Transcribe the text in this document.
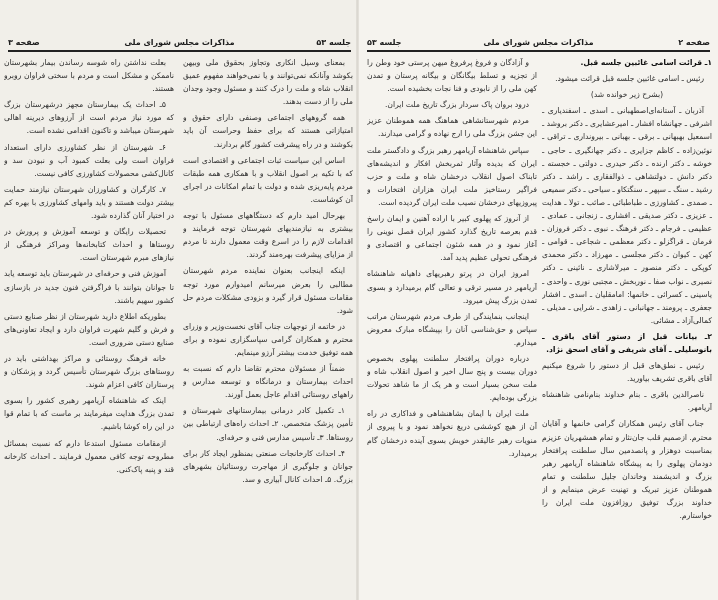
صفحه ۳	مذاکرات مجلس شورای ملی	جلسه ۵۳

بمعنای وسیل انکاری وتجاوز بحقوق ملی وبیهن بکوشد وآنانکه نمی‌توانند و یا نمی‌خواهند مفهوم عمیق انقلاب شاه و ملت را درک کنند و مسئول وجود وجدان ملی را از دست بدهند.

همه گروههای اجتماعی وصنفی دارای حقوق و امتیازاتی هستند که برای حفظ وحراست آن باید بکوشند و در راه پیشرفت کشور گام بردارند.

اساس این سیاست ثبات اجتماعی و اقتصادی است که با تکیه بر اصول انقلاب و با همکاری همه طبقات مردم پایه‌ریزی شده و دولت با تمام امکانات در اجرای آن کوشاست.

بهرحال امید دارم که دستگاههای مسئول با توجه بیشتری به نیازمندیهای شهرستان توجه فرمایند و اقدامات لازم را در اسرع وقت معمول دارند تا مردم از مزایای پیشرفت بهره‌مند گردند.

اینکه اینجانب بعنوان نماینده مردم شهرستان مطالبی را بعرض میرسانم امیدوارم مورد توجه مقامات مسئول قرار گیرد و بزودی مشکلات مردم حل شود.

در خاتمه از توجهات جناب آقای نخست‌وزیر و وزرای محترم و همکاران گرامی سپاسگزاری نموده و برای همه توفیق خدمت بیشتر آرزو مینمایم.

ضمناً از مسئولان محترم تقاضا دارم که نسبت به احداث بیمارستان و درمانگاه و توسعه مدارس و راههای روستائی اقدام عاجل بعمل آورند.

۱ـ تکمیل کادر درمانی بیمارستانهای شهرستان و تأمین پزشک متخصص. ۲ـ احداث راه‌های ارتباطی بین روستاها. ۳ـ تأسیس مدارس فنی و حرفه‌ای.

۴ـ احداث کارخانجات صنعتی بمنظور ایجاد کار برای جوانان و جلوگیری از مهاجرت روستائیان بشهرهای بزرگ. ۵ـ احداث کانال آبیاری و سد.

بعلت نداشتن راه شوسه رساندن بیمار بشهرستان ناممکن و مشکل است و مردم با سختی فراوان روبرو هستند.

۵ـ احداث یک بیمارستان مجهز درشهرستان بزرگ که مورد نیاز مردم است از آرزوهای دیرینه اهالی شهرستان میباشد و تاکنون اقدامی نشده است.

۶ـ شهرستان از نظر کشاورزی دارای استعداد فراوان است ولی بعلت کمبود آب و نبودن سد و کانال‌کشی محصولات کشاورزی کافی نیست.

۷ـ کارگران و کشاورزان شهرستان نیازمند حمایت بیشتر دولت هستند و باید وامهای کشاورزی با بهره کم در اختیار آنان گذارده شود.

تحصیلات رایگان و توسعه آموزش و پرورش در روستاها و احداث کتابخانه‌ها ومراکز فرهنگی از نیازهای مبرم شهرستان است.

آموزش فنی و حرفه‌ای در شهرستان باید توسعه یابد تا جوانان بتوانند با فراگرفتن فنون جدید در بازسازی کشور سهیم باشند.

بطوریکه اطلاع دارید شهرستان از نظر صنایع دستی و فرش و گلیم شهرت فراوان دارد و ایجاد تعاونی‌های صنایع دستی ضروری است.

خانه فرهنگ روستائی و مراکز بهداشتی باید در روستاهای بزرگ شهرستان تأسیس گردد و پزشکان و پرستاران کافی اعزام شوند.

اینک که شاهنشاه آریامهر رهبری کشور را بسوی تمدن بزرگ هدایت میفرمایند بر ماست که با تمام قوا در این راه کوشا باشیم.

ازمقامات مسئول استدعا دارم که نسبت بمسائل مطروحه توجه کافی معمول فرمایند ـ احداث کارخانه قند و پنبه پاک‌کنی.

جلسه ۵۳	مذاکرات مجلس شورای ملی	صفحه ۲

۱ـ قرائت اسامی غائبین جلسه قبل.

رئیس ـ اسامی غائبین جلسه قبل قرائت میشود.

(بشرح زیر خوانده شد)

آذربان ـ آستانه‌ای‌اصطهبانی ـ اسدی ـ اسفندیاری ـ اشرفی ـ جهانشاه افشار ـ امیرعشایری ـ دکتر بروشد ـ اسمعیل بهبهانی ـ برقی ـ بهبانی ـ بیرونداری ـ تراقی ـ نوئین‌زاده ـ کاظم جزایری ـ دکتر جهانگیری ـ حاجی ـ خوشه ـ دکتر ارنده ـ دکتر حیدری ـ دولتی ـ خجسته ـ دکتر دانش ـ دولتشاهی ـ ذوالفقاری ـ راشد ـ دکتر رشید ـ سنگ ـ سپهر ـ سنگتکاو ـ سیاحی ـ دکتر سمیعی ـ صمدی ـ کشاورزی ـ طباطبائی ـ صائب ـ تولا ـ هدایت ـ عزیزی ـ دکتر صدیقی ـ افشاری ـ زنجانی ـ عمادی ـ عظیمی ـ فرجام ـ دکتر فرهنگ ـ نبوی ـ دکتر فروزان ـ فرمان ـ قراگزلو ـ دکتر معظمی ـ شجاعی ـ قوامی ـ کهن ـ کیوان ـ دکتر مجلسی ـ مهرزاد ـ دکتر محمدی کوپکی ـ دکتر منصور ـ میرلاشاری ـ نائینی ـ دکتر نصیری ـ نواب صفا ـ نوربخش ـ مجتبی نوری ـ واحدی ـ یاسینی ـ کسرائی ـ خانمها: امامقلیان ـ اسدی ـ افشار جعفری ـ پرومند ـ جهانبانی ـ زاهدی ـ شرایی ـ مدیلی ـ کمالی‌آزاد ـ مشائی.

۲ـ بیانات قبل از دستور آقای باقری ـ بانوسلیلی ـ آقای شریفی و آقای اسحق نژاد.

رئیس ـ نطق‌های قبل از دستور را شروع میکنیم آقای باقری تشریف بیاورید.

ناصرالدین باقری ـ بنام خداوند بنام‌نامی شاهنشاه آریامهر.

جناب آقای رئیس همکاران گرامی خانمها و آقایان محترم. ازصمیم قلب جان‌نثار و تمام همشهریان عزیزم بمناسبت دوهزار و پانصدمین سال سلطنت پرافتخار دودمان پهلوی را به پیشگاه شاهنشاه آریامهر رهبر بزرگ و اندیشمند وخاندان جلیل سلطنت و تمام هموطنان عزیز تبریک و تهنیت عرض مینمایم و از خداوند بزرگ توفیق روزافزون ملت ایران را خواستارم.

و آزادگان و فروغ پرفروغ میهن پرستی خود وطن را از تجزیه و تسلط بیگانگان و بیگانه پرستان و تمدن کهن ملی را از نابودی و فنا نجات بخشیده است.

درود بروان پاک سردار بزرگ تاریخ ملت ایران.

مردم شهرستانشاهی هماهنگ همه هموطنان عزیز این جشن بزرگ ملی را ارج نهاده و گرامی میدارند.

سپاس شاهنشاه آریامهر رهبر بزرگ و دادگستر ملت ایران که بدیده وآثار ثمربخش افکار و اندیشه‌های تابناک اصول انقلاب درخشان شاه و ملت و حزب فراگیر رستاخیز ملت ایران هزاران افتخارات و پیروزیهای درخشان نصیب ملت ایران گردیده است.

از آنروز که پهلوی کبیر با اراده آهنین و ایمان راسخ قدم بعرصه تاریخ گذارد کشور ایران فصل نوینی را آغاز نمود و در همه شئون اجتماعی و اقتصادی و فرهنگی تحولی عظیم پدید آمد.

امروز ایران در پرتو رهبریهای داهیانه شاهنشاه آریامهر در مسیر ترقی و تعالی گام برمیدارد و بسوی تمدن بزرگ پیش میرود.

اینجانب بنمایندگی از طرف مردم شهرستان مراتب سپاس و حق‌شناسی آنان را بپیشگاه مبارک معروض میدارم.

درباره دوران پرافتخار سلطنت پهلوی بخصوص دوران بیست و پنج سال اخیر و اصول انقلاب شاه و ملت سخن بسیار است و هر یک از ما شاهد تحولات بزرگی بوده‌ایم.

ملت ایران با ایمان بشاهنشاهی و فداکاری در راه آن از هیچ کوششی دریغ نخواهد نمود و با پیروی از منویات رهبر عالیقدر خویش بسوی آینده درخشان گام برمیدارد.
